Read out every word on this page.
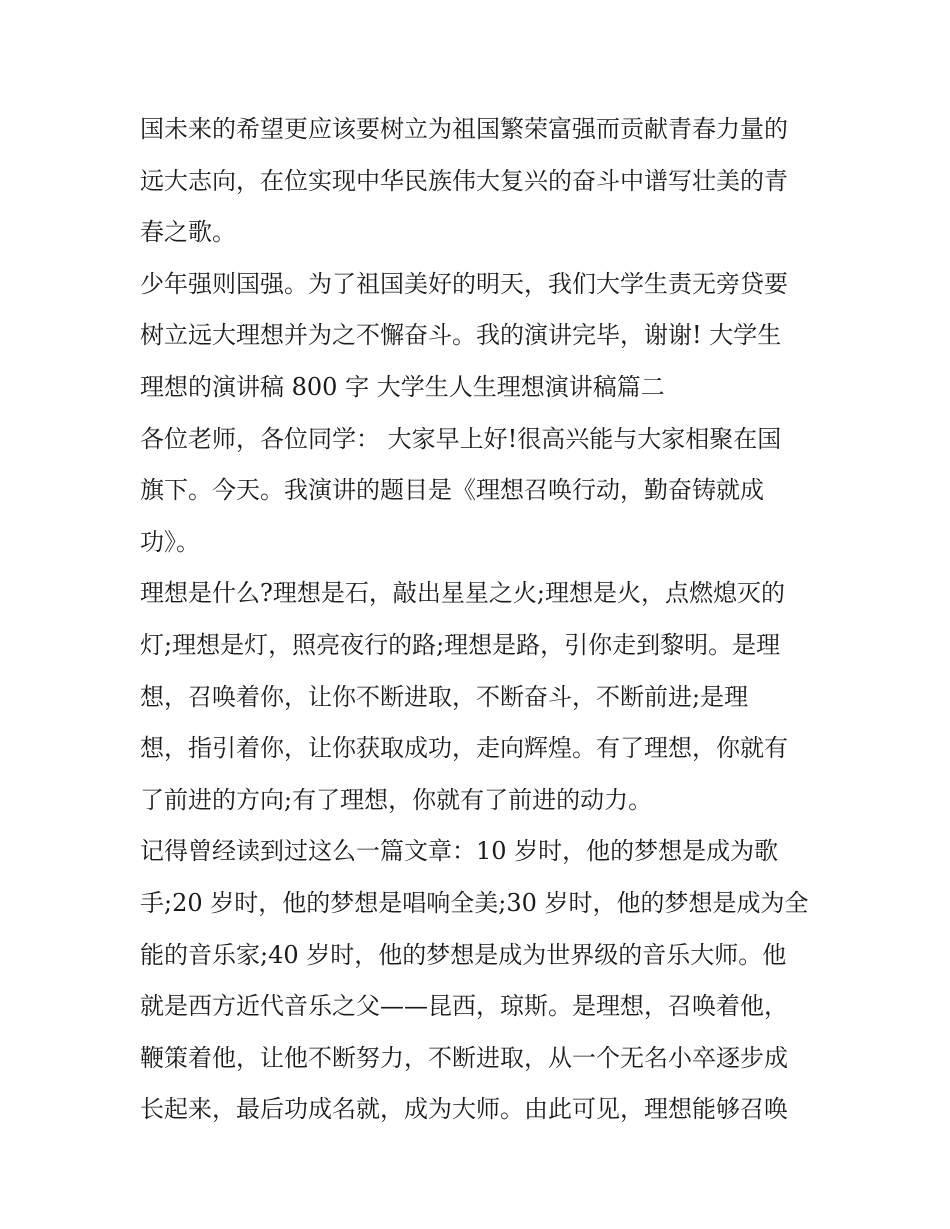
国未来的希望更应该要树立为祖国繁荣富强而贡献青春力量的
远大志向，在位实现中华民族伟大复兴的奋斗中谱写壮美的青
春之歌。
少年强则国强。为了祖国美好的明天，我们大学生责无旁贷要
树立远大理想并为之不懈奋斗。我的演讲完毕，谢谢! 大学生
理想的演讲稿 800 字 大学生人生理想演讲稿篇二
各位老师，各位同学： 大家早上好!很高兴能与大家相聚在国
旗下。今天。我演讲的题目是《理想召唤行动，勤奋铸就成
功》。
理想是什么?理想是石，敲出星星之火;理想是火，点燃熄灭的
灯;理想是灯，照亮夜行的路;理想是路，引你走到黎明。是理
想，召唤着你，让你不断进取，不断奋斗，不断前进;是理
想，指引着你，让你获取成功，走向辉煌。有了理想，你就有
了前进的方向;有了理想，你就有了前进的动力。
记得曾经读到过这么一篇文章：10 岁时，他的梦想是成为歌
手;20 岁时，他的梦想是唱响全美;30 岁时，他的梦想是成为全
能的音乐家;40 岁时，他的梦想是成为世界级的音乐大师。他
就是西方近代音乐之父——昆西，琼斯。是理想，召唤着他，
鞭策着他，让他不断努力，不断进取，从一个无名小卒逐步成
长起来，最后功成名就，成为大师。由此可见，理想能够召唤
